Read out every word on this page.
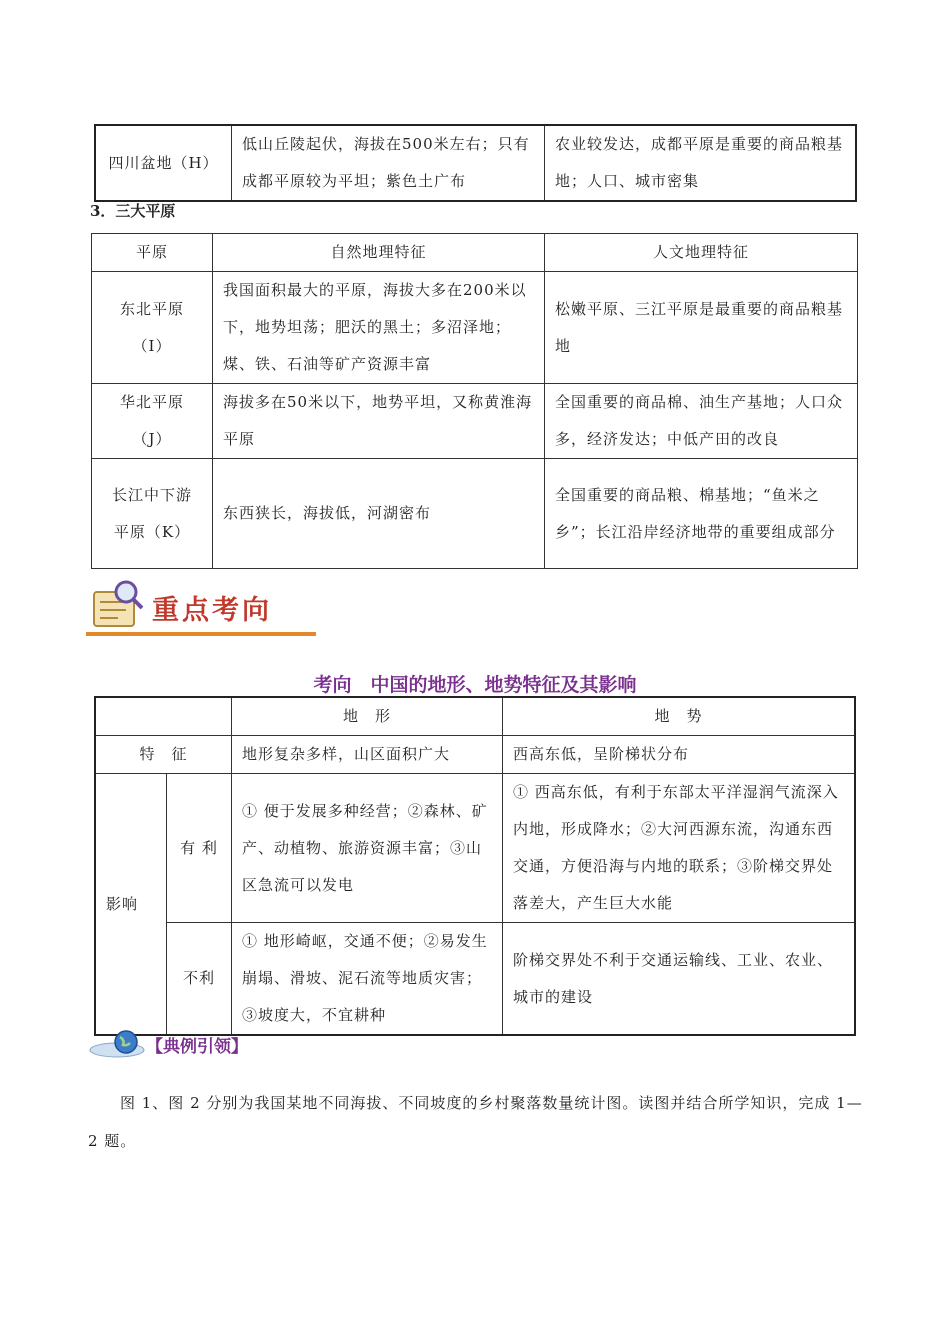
四川盆地（H）	低山丘陵起伏，海拔在500米左右；只有成都平原较为平坦；紫色土广布	农业较发达，成都平原是重要的商品粮基地；人口、城市密集
3．三大平原
平原	自然地理特征	人文地理特征

东北平原
（I）	我国面积最大的平原，海拔大多在200米以下，地势坦荡；肥沃的黑土；多沼泽地；煤、铁、石油等矿产资源丰富	松嫩平原、三江平原是最重要的商品粮基地

华北平原
（J）	海拔多在50米以下，地势平坦，又称黄淮海平原	全国重要的商品棉、油生产基地；人口众多，经济发达；中低产田的改良

长江中下游
平原（K）	东西狭长，海拔低，河湖密布	全国重要的商品粮、棉基地；“鱼米之乡”；长江沿岸经济地带的重要组成部分
重点考向
考向　中国的地形、地势特征及其影响
		地　形	地　势
特　征		地形复杂多样，山区面积广大	西高东低，呈阶梯状分布
影响	有 利	① 便于发展多种经营；②森林、矿产、动植物、旅游资源丰富；③山区急流可以发电	① 西高东低，有利于东部太平洋湿润气流深入内地，形成降水；②大河西源东流，沟通东西交通，方便沿海与内地的联系；③阶梯交界处落差大，产生巨大水能
	不利	① 地形崎岖，交通不便；②易发生崩塌、滑坡、泥石流等地质灾害；③坡度大，不宜耕种	阶梯交界处不利于交通运输线、工业、农业、城市的建设
【典例引领】
图 1、图 2 分别为我国某地不同海拔、不同坡度的乡村聚落数量统计图。读图并结合所学知识，完成 1—2 题。
